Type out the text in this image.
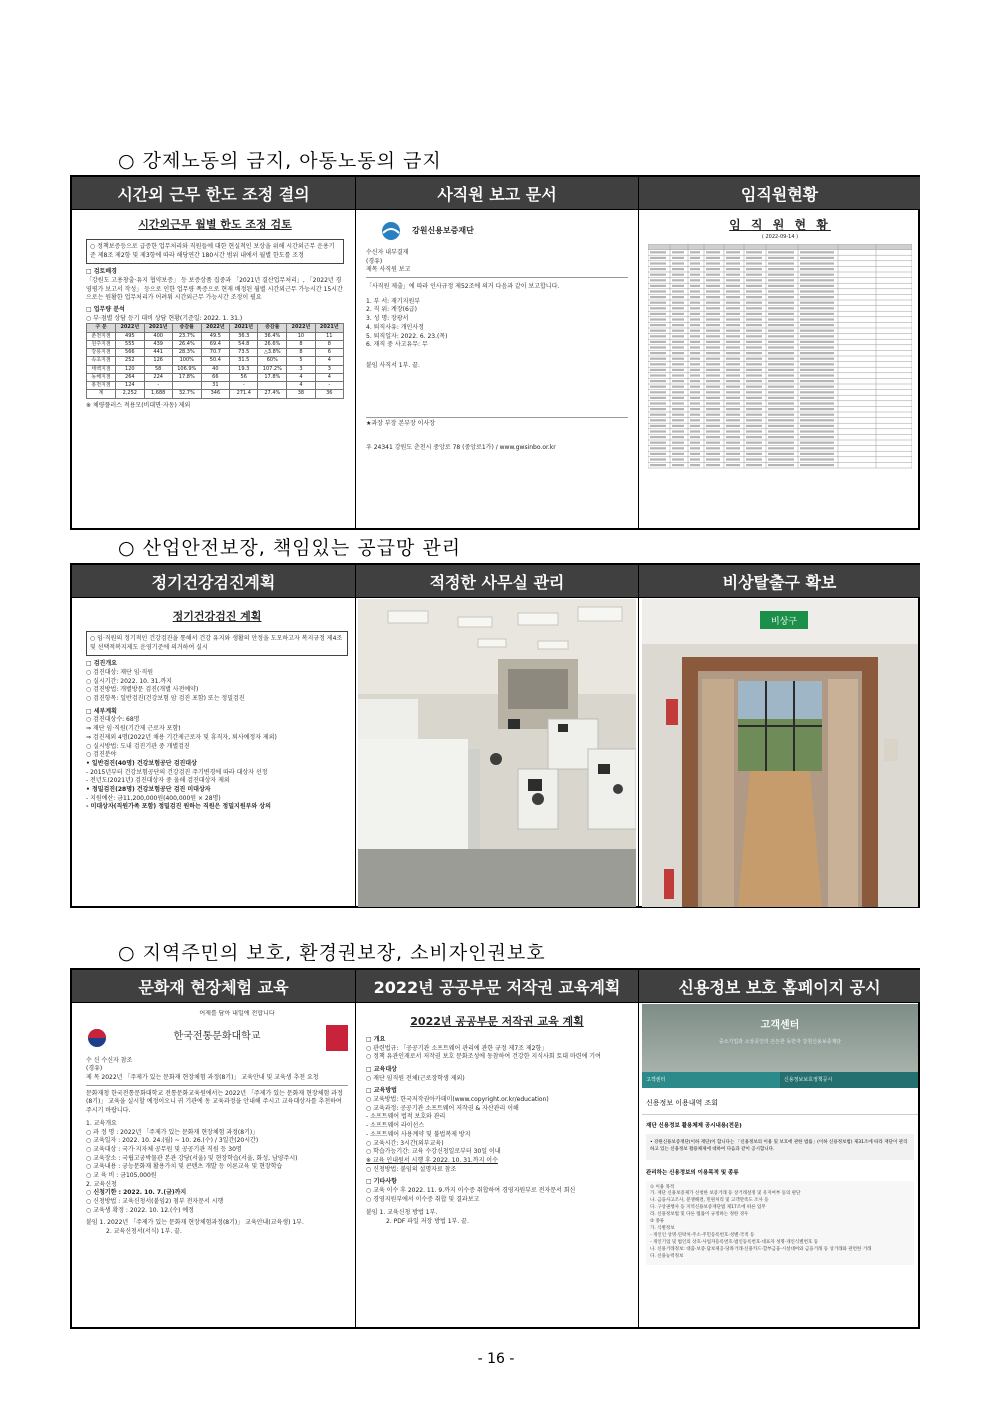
○ 강제노동의 금지, 아동노동의 금지
시간외 근무 한도 조정 결의	사직원 보고 문서	임직원현황
시간외근무 월별 한도 조정 검토
○ 정책보증등으로 급증한 업무처리와 직원들에 대한 현실적인 보상을 위해 시간외근무 운용기준 제8조 제2항 및 제3항에 따라 해당연간 180시간 범위 내에서 월별 한도를 조정
□ 검토배경
「강원도 고용창출·유지 협약보증」 등 보증상품 집중과 「2021년 결산업무처리」, 「2022년 경영평가 보고서 작성」 등으로 인한 업무량 폭증으로 현재 배정된 월별 시간외근무 가능시간 15시간으로는 원활한 업무처리가 어려워 시간외근무 가능시간 조정이 필요
□ 업무량 분석
○ 부·점별 상담 등기 대비 상담 현황(기준일: 2022. 1. 31.)
구 분	2022년	2021년	증감률	2022년	2021년	증감률	2022년	2021년
춘천지점	495	400	23.7%	49.5	36.3	36.4%	10	11
원주지점	555	439	26.4%	69.4	54.8	26.6%	8	8
강릉지점	566	441	28.3%	70.7	73.5	△3.8%	8	6
속초지점	252	126	100%	50.4	31.5	60%	5	4
태백지점	120	58	106.9%	40	19.3	107.2%	3	3
동해지점	264	224	17.8%	66	56	17.8%	4	4
홍천지점	124	-		31	-		4	-
계	2,252	1,688	32.7%	346	271.4	27.4%	38	36
※ 체량플러스 적용모(비대면·자동) 제외
강원신용보증재단
수신자 내부결재
(경유)
제목 사직원 보고
「사직원 제출」에 따라 인사규정 제52조에 의거 다음과 같이 보고합니다.
1. 부 서: 재기지원부
2. 직 위: 계장(6급)
3. 성 명: 장광서
4. 퇴직사유: 개인사정
5. 퇴직일자: 2022. 6. 23.(목)
6. 재직 중 사고유무: 무
붙임 사직서 1부. 끝.
★과장 부장 본부장 이사장
우 24341 강원도 춘천시 중앙로 78 (중앙로1가) / www.gwsinbo.or.kr
임 직 원 현 황
( 2022-09-14 )
○ 산업안전보장, 책임있는 공급망 관리
정기건강검진계획	적정한 사무실 관리	비상탈출구 확보
정기건강검진 계획
○ 임·직원의 정기적인 건강검진을 통해서 건강 유지와 생활의 안정을 도모하고자 복지규정 제4조 및 선택적복지제도 운영기준에 의거하여 실시
□ 검진개요
○ 검진대상: 재단 임·직원
○ 실시기간: 2022. 10. 31.까지
○ 검진방법: 개별방문 검진(개별 사전예약)
○ 검진항목: 일반검진(건강보험 암 검진 포함) 또는 정밀검진
□ 세부계획
○ 검진대상수: 68명
⇒ 재단 임·직원(기간제 근로자 포함)
⇒ 검진제외 4명(2022년 채용 기간제근로자 및 휴직자, 퇴사예정자 제외)
○ 실시방법: 도내 검진기관 중 개별검진
○ 검진분야
• 일반검진(40명) 건강보험공단 검진대상
- 2015년부터 건강보험공단의 건강검진 주기변경에 따라 대상자 선정
- 전년도(2021년) 검진대상자 중 올해 검진대상자 제외
• 정밀검진(28명) 건강보험공단 검진 미대상자
- 지원예산: 금11,200,000원(400,000원 × 28명)
- 미대상자(직원가족 포함) 정밀검진 원하는 직원은 정밀지원부와 상의
비상구
○ 지역주민의 보호, 환경권보장, 소비자인권보호
문화재 현장체험 교육	2022년 공공부문 저작권 교육계획	신용정보 보호 홈페이지 공시
어제를 담아 내일에 전합니다
한국전통문화대학교
수 신 수신자 참조
(경유)
제 목 2022년 「주제가 있는 문화재 현장체험 과정(8기)」 교육안내 및 교육생 추천 요청
문화재청 한국전통문화대학교 전통문화교육원에서는 2022년 「주제가 있는 문화재 현장체험 과정(8기)」 교육을 실시할 예정이오니 귀 기관에 동 교육과정을 안내해 주시고 교육대상자를 추천하여 주시기 바랍니다.
1. 교육개요
○ 과 정 명 : 2022년 「주제가 있는 문화재 현장체험 과정(8기)」
○ 교육일자 : 2022. 10. 24.(월) ~ 10. 26.(수) / 3일간(20시간)
○ 교육대상 : 국가·지자체 공무원 및 공공기관 직원 등 30명
○ 교육장소 : 국립고궁박물관 본관 강당(서울) 및 현장학습(서울, 화성, 남양주시)
○ 교육내용 : 궁능문화재 활용가치 및 콘텐츠 개발 등 이론교육 및 현장학습
○ 교 육 비 : 금105,000원
2. 교육신청
○ 신청기한 : 2022. 10. 7.(금)까지
○ 신청방법 : 교육신청서(붙임2) 첨부 전자문서 시행
○ 교육생 확정 : 2022. 10. 12.(수) 예정
붙임 1. 2022년 「주제가 있는 문화재 현장체험과정(8기)」 교육안내(교육생) 1부.
2. 교육신청서(서식) 1부. 끝.
2022년 공공부문 저작권 교육 계획
□ 개요
○ 관련법규: 「공공기관 소프트웨어 관리에 관한 규정 제7조 제2항」
○ 정책 유관인재로서 저작권 보호 문화조성에 동참하여 건강한 지식사회 토대 마련에 기여
□ 교육대상
○ 재단 임직원 전체(근로장학생 제외)
□ 교육방법
○ 교육방법: 한국저작권아카데미(www.copyright.or.kr/education)
○ 교육과정: 공공기관 소프트웨어 저작권 & 자산관리 이해
- 소프트웨어 법적 보호와 관리
- 소프트웨어 라이선스
- 소프트웨어 사용계약 및 불법복제 방지
○ 교육시간: 3시간(외부교육)
○ 학습가능기간: 교육 수강신청일로부터 30일 이내
※ 교육 인내원서 시행 후 2022. 10. 31.까지 이수
○ 신청방법: 붙임의 설명자료 참조
□ 기타사항
○ 교육 이수 후 2022. 11. 9.까지 이수증 취합하여 경영지원부로 전자문서 회신
○ 경영지원부에서 이수증 취합 및 결과보고
붙임 1. 교육신청 방법 1부.
2. PDF 파일 저장 방법 1부. 끝.
고객센터
중소기업과 소상공인의 든든한 동반자 강원신용보증재단
고객센터	신용정보보호정책공시
신용정보 이용내역 조회
재단 신용정보 활용체제 공시내용(전문)
• 강원신용보증재단(이하 재단)이 합니다는 「신용정보의 이용 및 보호에 관한 법률」(이하 신용정보법) 제31조에 따라 재단이 관리하고 있는 신용정보 활용체제에 대하여 다음과 같이 공시합니다.
관리하는 신용정보의 이용목적 및 종류
① 이용 목적
가. 재단 신용보증제가 신청한 보증거래 등 상거래설정 및 유지여부 등의 판단
나. 금융사고조사, 분쟁해결, 민원처리 및 고객만족도 조사 등
다. 구상권행사 등 지역신용보증재단법 제17조에 따른 업무
라. 신용정보법 및 다른 법률이 규정하는 정한 경우
② 종류
가. 식별정보
- 개인인 상명·연락처·주소·주민등록번호·성별·국적 등
- 개인기업 및 법인의 상호·사업자등록번호·법인등록번호·대표자 성명·개인식별번호 등
나. 신용거래정보: 대출·보증·담보제공·당좌거래·신용카드·할부금융·시설대여와 금융거래 등 상거래와 관련한 거래
다. 신용능력정보
- 16 -
